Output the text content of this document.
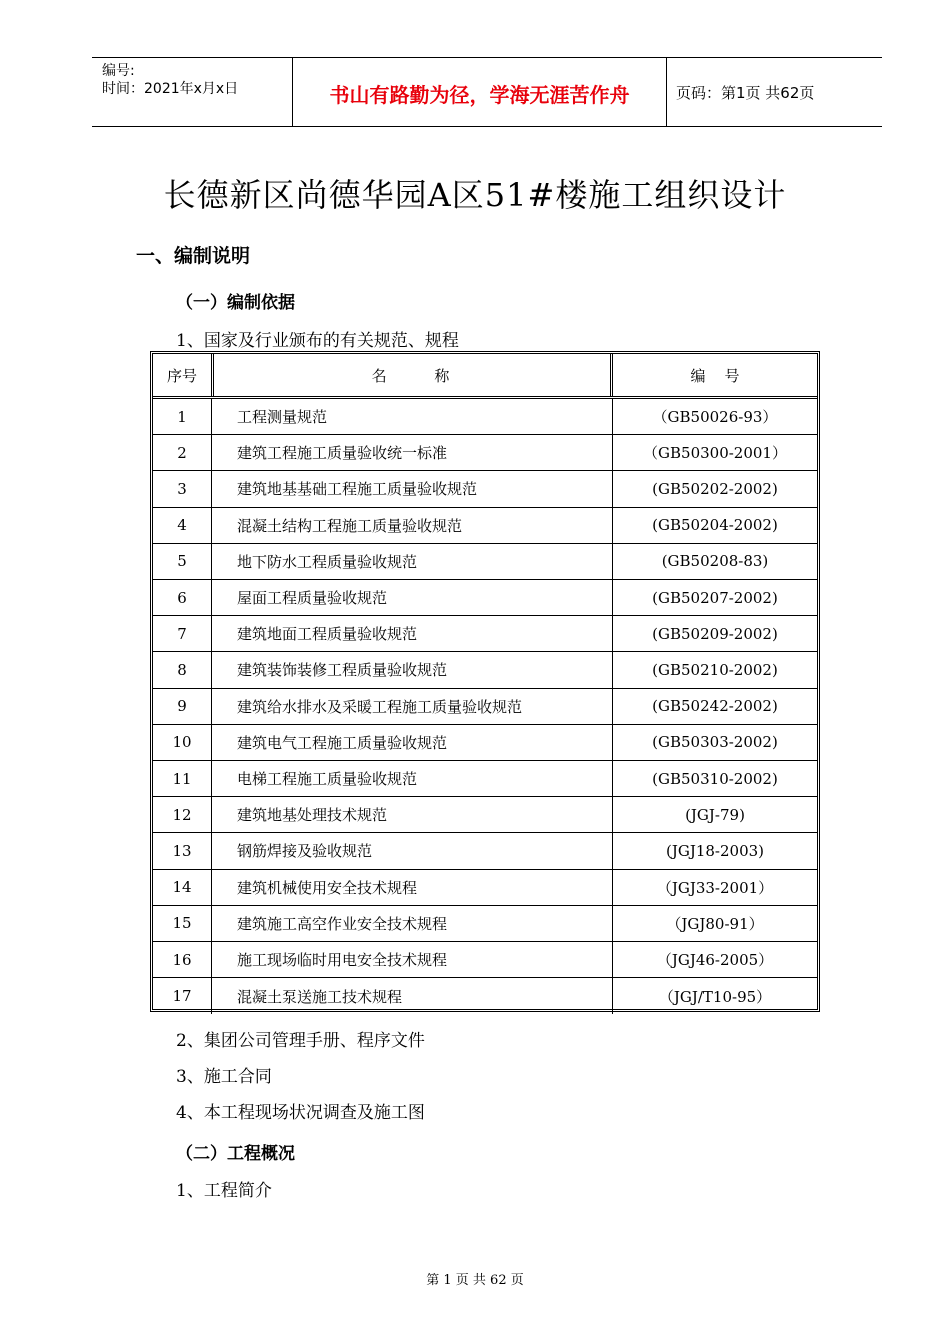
编号:
时间：2021年x月x日	书山有路勤为径，学海无涯苦作舟	页码：第1页 共62页
长德新区尚德华园A区51#楼施工组织设计
一、编制说明
（一）编制依据
1、国家及行业颁布的有关规范、规程
序号	名          称	编    号
1	工程测量规范	（GB50026-93）
2	建筑工程施工质量验收统一标准	（GB50300-2001）
3	建筑地基基础工程施工质量验收规范	(GB50202-2002)
4	混凝土结构工程施工质量验收规范	(GB50204-2002)
5	地下防水工程质量验收规范	(GB50208-83)
6	屋面工程质量验收规范	(GB50207-2002)
7	建筑地面工程质量验收规范	(GB50209-2002)
8	建筑装饰装修工程质量验收规范	(GB50210-2002)
9	建筑给水排水及采暖工程施工质量验收规范	(GB50242-2002)
10	建筑电气工程施工质量验收规范	(GB50303-2002)
11	电梯工程施工质量验收规范	(GB50310-2002)
12	建筑地基处理技术规范	(JGJ-79)
13	钢筋焊接及验收规范	(JGJ18-2003)
14	建筑机械使用安全技术规程	（JGJ33-2001）
15	建筑施工高空作业安全技术规程	（JGJ80-91）
16	施工现场临时用电安全技术规程	（JGJ46-2005）
17	混凝土泵送施工技术规程	（JGJ/T10-95）
2、集团公司管理手册、程序文件
3、施工合同
4、本工程现场状况调查及施工图
（二）工程概况
1、工程简介
第 1 页 共 62 页
